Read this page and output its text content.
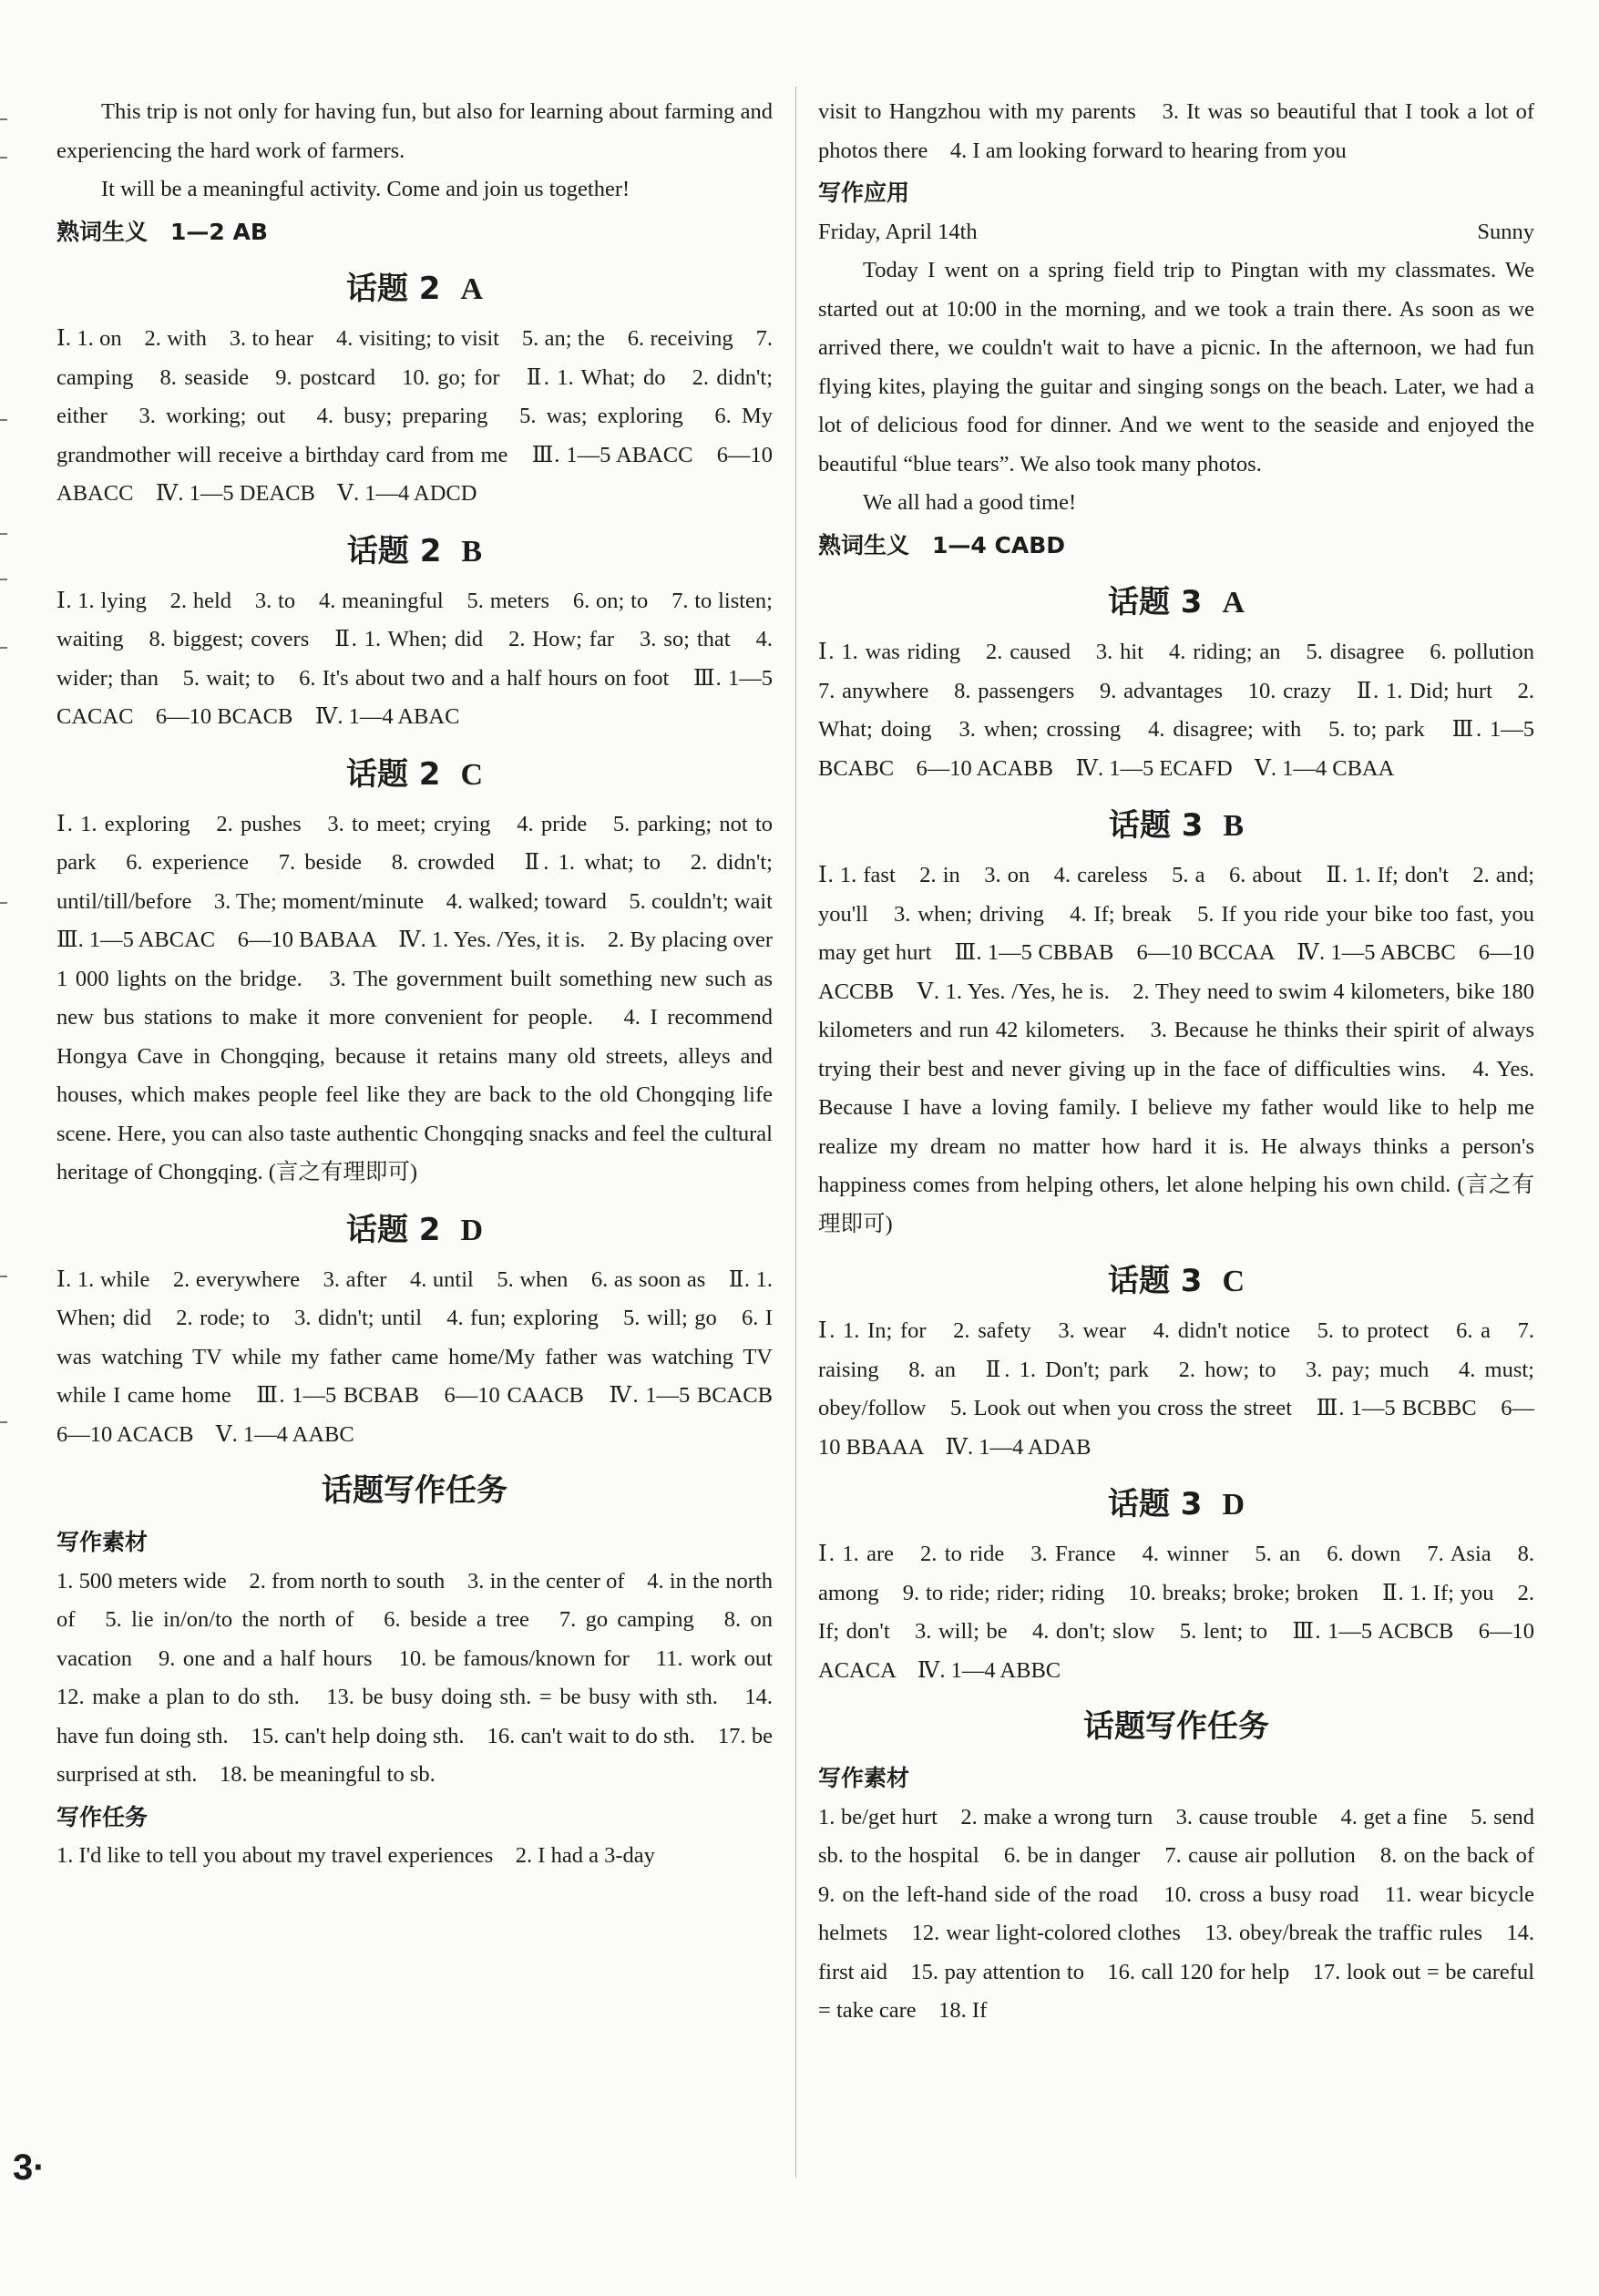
This trip is not only for having fun, but also for learning about farming and experiencing the hard work of farmers.

It will be a meaningful activity. Come and join us together!

熟词生义　1—2 AB

话题 2 A

Ⅰ. 1. on　2. with　3. to hear　4. visiting; to visit　5. an; the　6. receiving　7. camping　8. seaside　9. postcard　10. go; for　Ⅱ. 1. What; do　2. didn't; either　3. working; out　4. busy; preparing　5. was; exploring　6. My grandmother will receive a birthday card from me　Ⅲ. 1—5 ABACC　6—10 ABACC　Ⅳ. 1—5 DEACB　Ⅴ. 1—4 ADCD

话题 2 B

Ⅰ. 1. lying　2. held　3. to　4. meaningful　5. meters　6. on; to　7. to listen; waiting　8. biggest; covers　Ⅱ. 1. When; did　2. How; far　3. so; that　4. wider; than　5. wait; to　6. It's about two and a half hours on foot　Ⅲ. 1—5 CACAC　6—10 BCACB　Ⅳ. 1—4 ABAC

话题 2 C

Ⅰ. 1. exploring　2. pushes　3. to meet; crying　4. pride　5. parking; not to park　6. experience　7. beside　8. crowded　Ⅱ. 1. what; to　2. didn't; until/till/before　3. The; moment/minute　4. walked; toward　5. couldn't; wait　Ⅲ. 1—5 ABCAC　6—10 BABAA　Ⅳ. 1. Yes. /Yes, it is.　2. By placing over 1 000 lights on the bridge.　3. The government built something new such as new bus stations to make it more convenient for people.　4. I recommend Hongya Cave in Chongqing, because it retains many old streets, alleys and houses, which makes people feel like they are back to the old Chongqing life scene. Here, you can also taste authentic Chongqing snacks and feel the cultural heritage of Chongqing. (言之有理即可)

话题 2 D

Ⅰ. 1. while　2. everywhere　3. after　4. until　5. when　6. as soon as　Ⅱ. 1. When; did　2. rode; to　3. didn't; until　4. fun; exploring　5. will; go　6. I was watching TV while my father came home/My father was watching TV while I came home　Ⅲ. 1—5 BCBAB　6—10 CAACB　Ⅳ. 1—5 BCACB　6—10 ACACB　Ⅴ. 1—4 AABC

话题写作任务

写作素材

1. 500 meters wide　2. from north to south　3. in the center of　4. in the north of　5. lie in/on/to the north of　6. beside a tree　7. go camping　8. on vacation　9. one and a half hours　10. be famous/known for　11. work out　12. make a plan to do sth.　13. be busy doing sth. = be busy with sth.　14. have fun doing sth.　15. can't help doing sth.　16. can't wait to do sth.　17. be surprised at sth.　18. be meaningful to sb.

写作任务

1. I'd like to tell you about my travel experiences　2. I had a 3-day

visit to Hangzhou with my parents　3. It was so beautiful that I took a lot of photos there　4. I am looking forward to hearing from you

写作应用

Friday, April 14th	Sunny

Today I went on a spring field trip to Pingtan with my classmates. We started out at 10:00 in the morning, and we took a train there. As soon as we arrived there, we couldn't wait to have a picnic. In the afternoon, we had fun flying kites, playing the guitar and singing songs on the beach. Later, we had a lot of delicious food for dinner. And we went to the seaside and enjoyed the beautiful “blue tears”. We also took many photos.

We all had a good time!

熟词生义　1—4 CABD

话题 3 A

Ⅰ. 1. was riding　2. caused　3. hit　4. riding; an　5. disagree　6. pollution　7. anywhere　8. passengers　9. advantages　10. crazy　Ⅱ. 1. Did; hurt　2. What; doing　3. when; crossing　4. disagree; with　5. to; park　Ⅲ. 1—5 BCABC　6—10 ACABB　Ⅳ. 1—5 ECAFD　Ⅴ. 1—4 CBAA

话题 3 B

Ⅰ. 1. fast　2. in　3. on　4. careless　5. a　6. about　Ⅱ. 1. If; don't　2. and; you'll　3. when; driving　4. If; break　5. If you ride your bike too fast, you may get hurt　Ⅲ. 1—5 CBBAB　6—10 BCCAA　Ⅳ. 1—5 ABCBC　6—10 ACCBB　Ⅴ. 1. Yes. /Yes, he is.　2. They need to swim 4 kilometers, bike 180 kilometers and run 42 kilometers.　3. Because he thinks their spirit of always trying their best and never giving up in the face of difficulties wins.　4. Yes. Because I have a loving family. I believe my father would like to help me realize my dream no matter how hard it is. He always thinks a person's happiness comes from helping others, let alone helping his own child. (言之有理即可)

话题 3 C

Ⅰ. 1. In; for　2. safety　3. wear　4. didn't notice　5. to protect　6. a　7. raising　8. an　Ⅱ. 1. Don't; park　2. how; to　3. pay; much　4. must; obey/follow　5. Look out when you cross the street　Ⅲ. 1—5 BCBBC　6—10 BBAAA　Ⅳ. 1—4 ADAB

话题 3 D

Ⅰ. 1. are　2. to ride　3. France　4. winner　5. an　6. down　7. Asia　8. among　9. to ride; rider; riding　10. breaks; broke; broken　Ⅱ. 1. If; you　2. If; don't　3. will; be　4. don't; slow　5. lent; to　Ⅲ. 1—5 ACBCB　6—10 ACACA　Ⅳ. 1—4 ABBC

话题写作任务

写作素材

1. be/get hurt　2. make a wrong turn　3. cause trouble　4. get a fine　5. send sb. to the hospital　6. be in danger　7. cause air pollution　8. on the back of　9. on the left-hand side of the road　10. cross a busy road　11. wear bicycle helmets　12. wear light-colored clothes　13. obey/break the traffic rules　14. first aid　15. pay attention to　16. call 120 for help　17. look out = be careful = take care　18. If

3·
